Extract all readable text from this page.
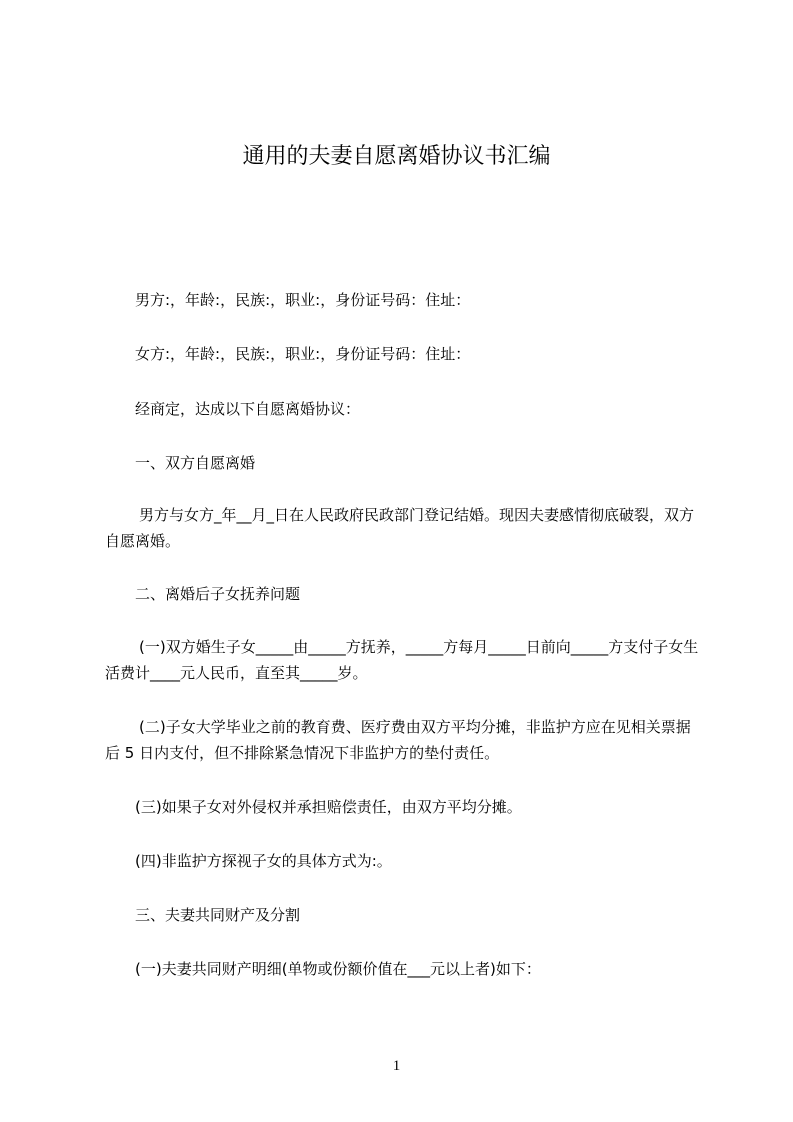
通用的夫妻自愿离婚协议书汇编

男方:，年龄:，民族:，职业:，身份证号码：住址：

女方:，年龄:，民族:，职业:，身份证号码：住址：

经商定，达成以下自愿离婚协议：

一、双方自愿离婚

男方与女方_年__月_日在人民政府民政部门登记结婚。现因夫妻感情彻底破裂，双方自愿离婚。

二、离婚后子女抚养问题

(一)双方婚生子女_____由_____方抚养，_____方每月_____日前向_____方支付子女生活费计____元人民币，直至其_____岁。

(二)子女大学毕业之前的教育费、医疗费由双方平均分摊，非监护方应在见相关票据后 5 日内支付，但不排除紧急情况下非监护方的垫付责任。

(三)如果子女对外侵权并承担赔偿责任，由双方平均分摊。

(四)非监护方探视子女的具体方式为:。

三、夫妻共同财产及分割

(一)夫妻共同财产明细(单物或份额价值在___元以上者)如下：

1
